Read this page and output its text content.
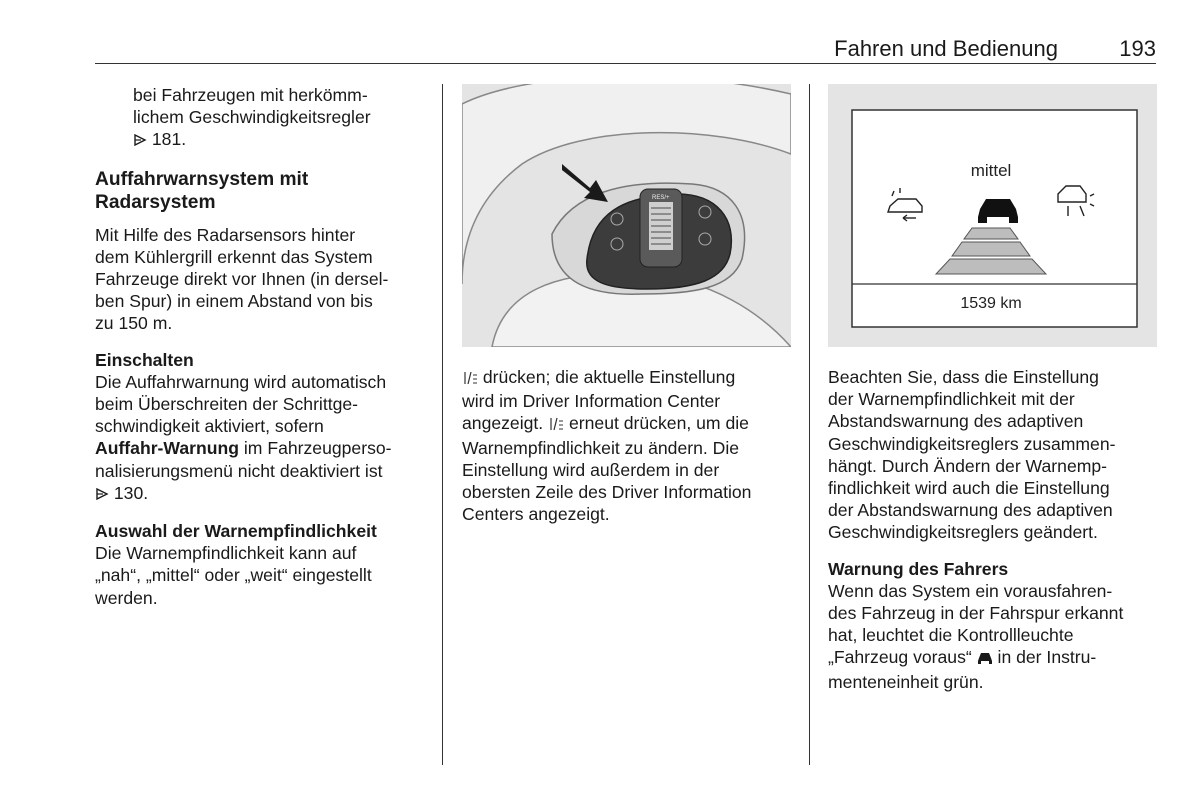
Fahren und Bedienung	193

bei Fahrzeugen mit herkömm-

lichem Geschwindigkeitsregler

181.

Auffahrwarnsystem mit
Radarsystem

Mit Hilfe des Radarsensors hinter

dem Kühlergrill erkennt das System

Fahrzeuge direkt vor Ihnen (in dersel-

ben Spur) in einem Abstand von bis

zu 150 m.

Einschalten

Die Auffahrwarnung wird automatisch

beim Überschreiten der Schrittge-

schwindigkeit aktiviert, sofern

Auffahr-Warnung im Fahrzeugperso-

nalisierungsmenü nicht deaktiviert ist

130.

Auswahl der Warnempfindlichkeit

Die Warnempfindlichkeit kann auf

„nah“, „mittel“ oder „weit“ eingestellt

werden.

RES/+

drücken; die aktuelle Einstellung

wird im Driver Information Center

angezeigt.  erneut drücken, um die

Warnempfindlichkeit zu ändern. Die

Einstellung wird außerdem in der

obersten Zeile des Driver Information

Centers angezeigt.

mittel
1539 km

Beachten Sie, dass die Einstellung

der Warnempfindlichkeit mit der

Abstandswarnung des adaptiven

Geschwindigkeitsreglers zusammen-

hängt. Durch Ändern der Warnemp-

findlichkeit wird auch die Einstellung

der Abstandswarnung des adaptiven

Geschwindigkeitsreglers geändert.

Warnung des Fahrers

Wenn das System ein vorausfahren-

des Fahrzeug in der Fahrspur erkannt

hat, leuchtet die Kontrollleuchte

„Fahrzeug voraus“  in der Instru-

menteneinheit grün.
